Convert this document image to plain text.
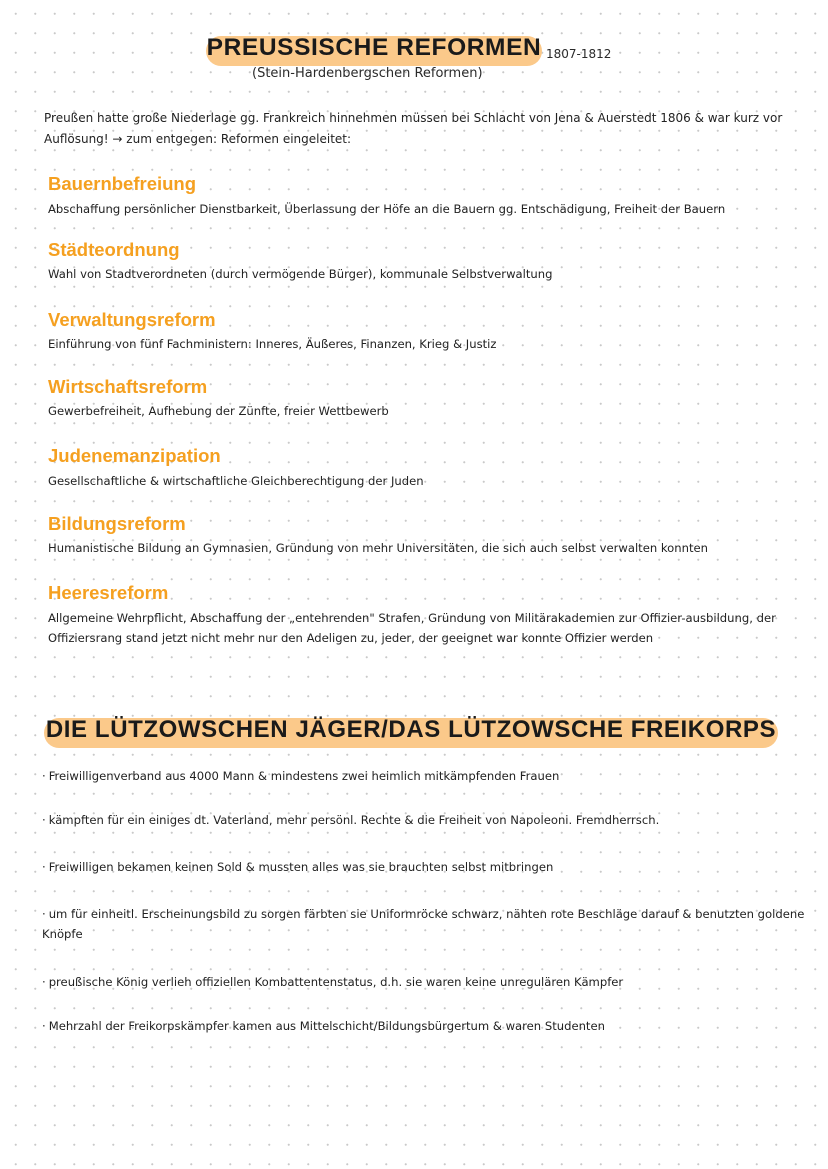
PREUSSISCHE REFORMEN 1807-1812
(Stein-Hardenbergschen Reformen)
Preußen hatte große Niederlage gg. Frankreich hinnehmen müssen bei Schlacht von Jena & Auerstedt 1806 & war kurz vor Auflösung! → zum entgegen: Reformen eingeleitet:
Bauernbefreiung
Abschaffung persönlicher Dienstbarkeit, Überlassung der Höfe an die Bauern gg. Entschädigung, Freiheit der Bauern
Städteordnung
Wahl von Stadtverordneten (durch vermögende Bürger), kommunale Selbstverwaltung
Verwaltungsreform
Einführung von fünf Fachministern: Inneres, Äußeres, Finanzen, Krieg & Justiz
Wirtschaftsreform
Gewerbefreiheit, Aufhebung der Zünfte, freier Wettbewerb
Judenemanzipation
Gesellschaftliche & wirtschaftliche Gleichberechtigung der Juden
Bildungsreform
Humanistische Bildung an Gymnasien, Gründung von mehr Universitäten, die sich auch selbst verwalten konnten
Heeresreform
Allgemeine Wehrpflicht, Abschaffung der „entehrenden" Strafen, Gründung von Militärakademien zur Offizier-ausbildung, der Offiziersrang stand jetzt nicht mehr nur den Adeligen zu, jeder, der geeignet war konnte Offizier werden
DIE LÜTZOWSCHEN JÄGER/DAS LÜTZOWSCHE FREIKORPS
· Freiwilligenverband aus 4000 Mann & mindestens zwei heimlich mitkämpfenden Frauen
· kämpften für ein einiges dt. Vaterland, mehr persönl. Rechte & die Freiheit von Napoleoni. Fremdherrsch.
· Freiwilligen bekamen keinen Sold & mussten alles was sie brauchten selbst mitbringen
· um für einheitl. Erscheinungsbild zu sorgen färbten sie Uniformröcke schwarz, nähten rote Beschläge darauf & benutzten goldene Knöpfe
· preußische König verlieh offiziellen Kombattentenstatus, d.h. sie waren keine unregulären Kämpfer
· Mehrzahl der Freikorpskämpfer kamen aus Mittelschicht/Bildungsbürgertum & waren Studenten
